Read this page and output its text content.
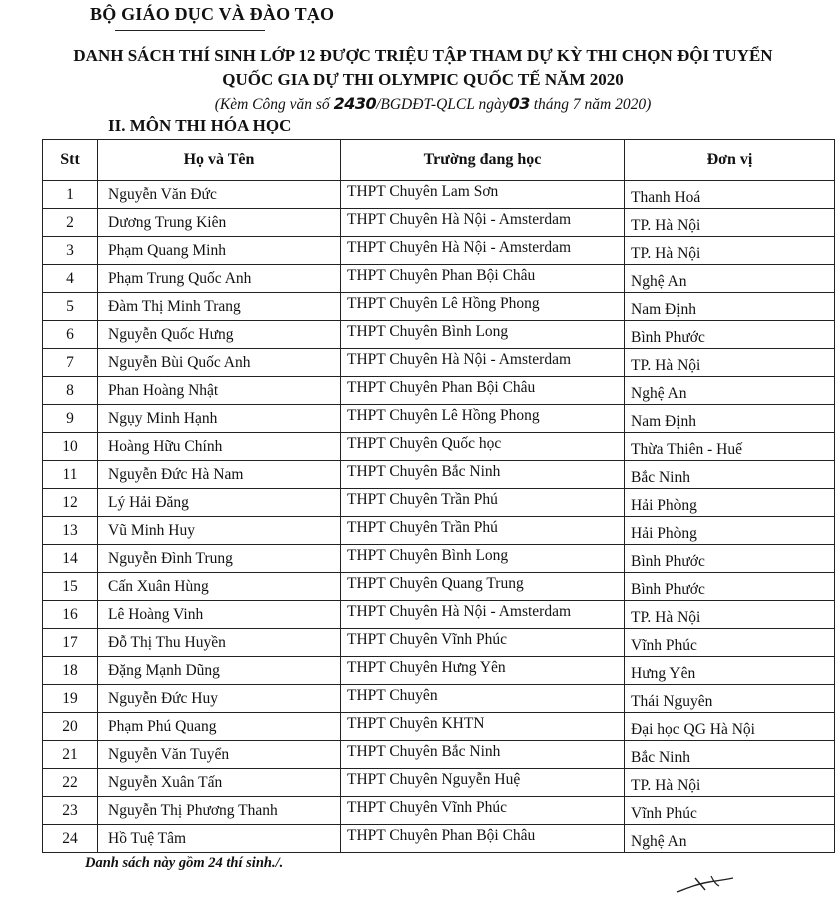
BỘ GIÁO DỤC VÀ ĐÀO TẠO
DANH SÁCH THÍ SINH LỚP 12 ĐƯỢC TRIỆU TẬP THAM DỰ KỲ THI CHỌN ĐỘI TUYỂN
QUỐC GIA DỰ THI OLYMPIC QUỐC TẾ NĂM 2020
(Kèm Công văn số 2430/BGDĐT-QLCL ngày03 tháng 7 năm 2020)
II. MÔN THI HÓA HỌC
Stt	Họ và Tên	Trường đang học	Đơn vị

1	Nguyễn Văn Đức	THPT Chuyên Lam Sơn	Thanh Hoá

2	Dương Trung Kiên	THPT Chuyên Hà Nội - Amsterdam	TP. Hà Nội

3	Phạm Quang Minh	THPT Chuyên Hà Nội - Amsterdam	TP. Hà Nội

4	Phạm Trung Quốc Anh	THPT Chuyên Phan Bội Châu	Nghệ An

5	Đàm Thị Minh Trang	THPT Chuyên Lê Hồng Phong	Nam Định

6	Nguyễn Quốc Hưng	THPT Chuyên Bình Long	Bình Phước

7	Nguyễn Bùi Quốc Anh	THPT Chuyên Hà Nội - Amsterdam	TP. Hà Nội

8	Phan Hoàng Nhật	THPT Chuyên Phan Bội Châu	Nghệ An

9	Ngụy Minh Hạnh	THPT Chuyên Lê Hồng Phong	Nam Định

10	Hoàng Hữu Chính	THPT Chuyên Quốc học	Thừa Thiên - Huế

11	Nguyễn Đức Hà Nam	THPT Chuyên Bắc Ninh	Bắc Ninh

12	Lý Hải Đăng	THPT Chuyên Trần Phú	Hải Phòng

13	Vũ Minh Huy	THPT Chuyên Trần Phú	Hải Phòng

14	Nguyễn Đình Trung	THPT Chuyên Bình Long	Bình Phước

15	Cấn Xuân Hùng	THPT Chuyên Quang Trung	Bình Phước

16	Lê Hoàng Vinh	THPT Chuyên Hà Nội - Amsterdam	TP. Hà Nội

17	Đỗ Thị Thu Huyền	THPT Chuyên Vĩnh Phúc	Vĩnh Phúc

18	Đặng Mạnh Dũng	THPT Chuyên Hưng Yên	Hưng Yên

19	Nguyễn Đức Huy	THPT Chuyên	Thái Nguyên

20	Phạm Phú Quang	THPT Chuyên KHTN	Đại học QG Hà Nội

21	Nguyễn Văn Tuyển	THPT Chuyên Bắc Ninh	Bắc Ninh

22	Nguyễn Xuân Tấn	THPT Chuyên Nguyễn Huệ	TP. Hà Nội

23	Nguyễn Thị Phương Thanh	THPT Chuyên Vĩnh Phúc	Vĩnh Phúc

24	Hồ Tuệ Tâm	THPT Chuyên Phan Bội Châu	Nghệ An
Danh sách này gồm 24 thí sinh./.
